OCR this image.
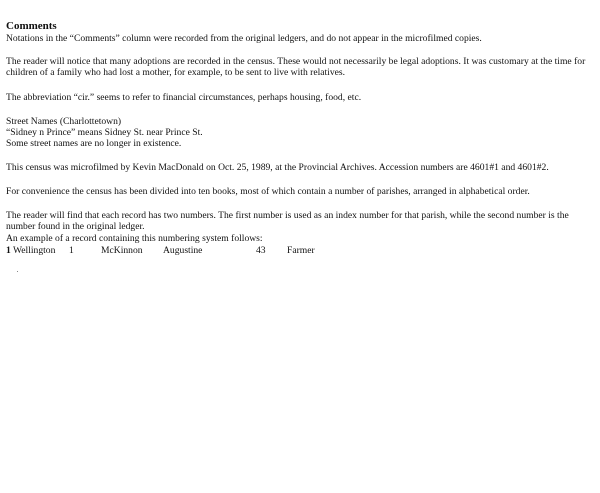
Comments
Notations in the “Comments” column were recorded from the original ledgers, and do not appear in the microfilmed copies.
The reader will notice that many adoptions are recorded in the census. These would not necessarily be legal adoptions. It was customary at the time for children of a family who had lost a mother, for example, to be sent to live with relatives.
The abbreviation “cir.” seems to refer to financial circumstances, perhaps housing, food, etc.
Street Names (Charlottetown)
“Sidney n Prince” means Sidney St. near Prince St.
Some street names are no longer in existence.
This census was microfilmed by Kevin MacDonald on Oct. 25, 1989, at the Provincial Archives. Accession numbers are 4601#1 and 4601#2.
For convenience the census has been divided into ten books, most of which contain a number of parishes, arranged in alphabetical order.
The reader will find that each record has two numbers. The first number is used as an index number for that parish, while the second number is the number found in the original ledger.
An example of a record containing this numbering system follows:
1 Wellington 1	McKinnon Augustine	43 Farmer
